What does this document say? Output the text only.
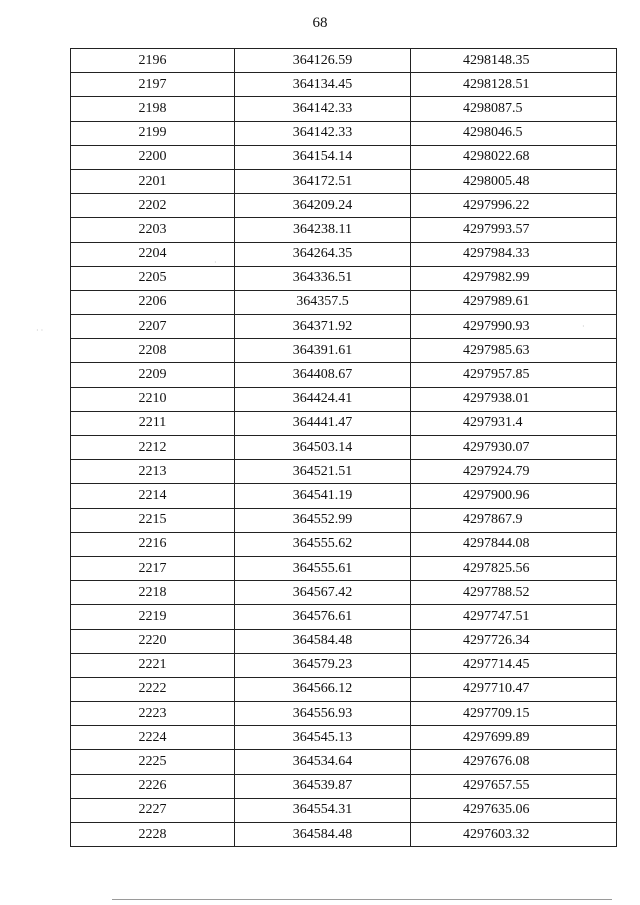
68
2196	364126.59	4298148.35
2197	364134.45	4298128.51
2198	364142.33	4298087.5
2199	364142.33	4298046.5
2200	364154.14	4298022.68
2201	364172.51	4298005.48
2202	364209.24	4297996.22
2203	364238.11	4297993.57
2204	364264.35	4297984.33
2205	364336.51	4297982.99
2206	364357.5	4297989.61
2207	364371.92	4297990.93
2208	364391.61	4297985.63
2209	364408.67	4297957.85
2210	364424.41	4297938.01
2211	364441.47	4297931.4
2212	364503.14	4297930.07
2213	364521.51	4297924.79
2214	364541.19	4297900.96
2215	364552.99	4297867.9
2216	364555.62	4297844.08
2217	364555.61	4297825.56
2218	364567.42	4297788.52
2219	364576.61	4297747.51
2220	364584.48	4297726.34
2221	364579.23	4297714.45
2222	364566.12	4297710.47
2223	364556.93	4297709.15
2224	364545.13	4297699.89
2225	364534.64	4297676.08
2226	364539.87	4297657.55
2227	364554.31	4297635.06
2228	364584.48	4297603.32
·
· ·	·
